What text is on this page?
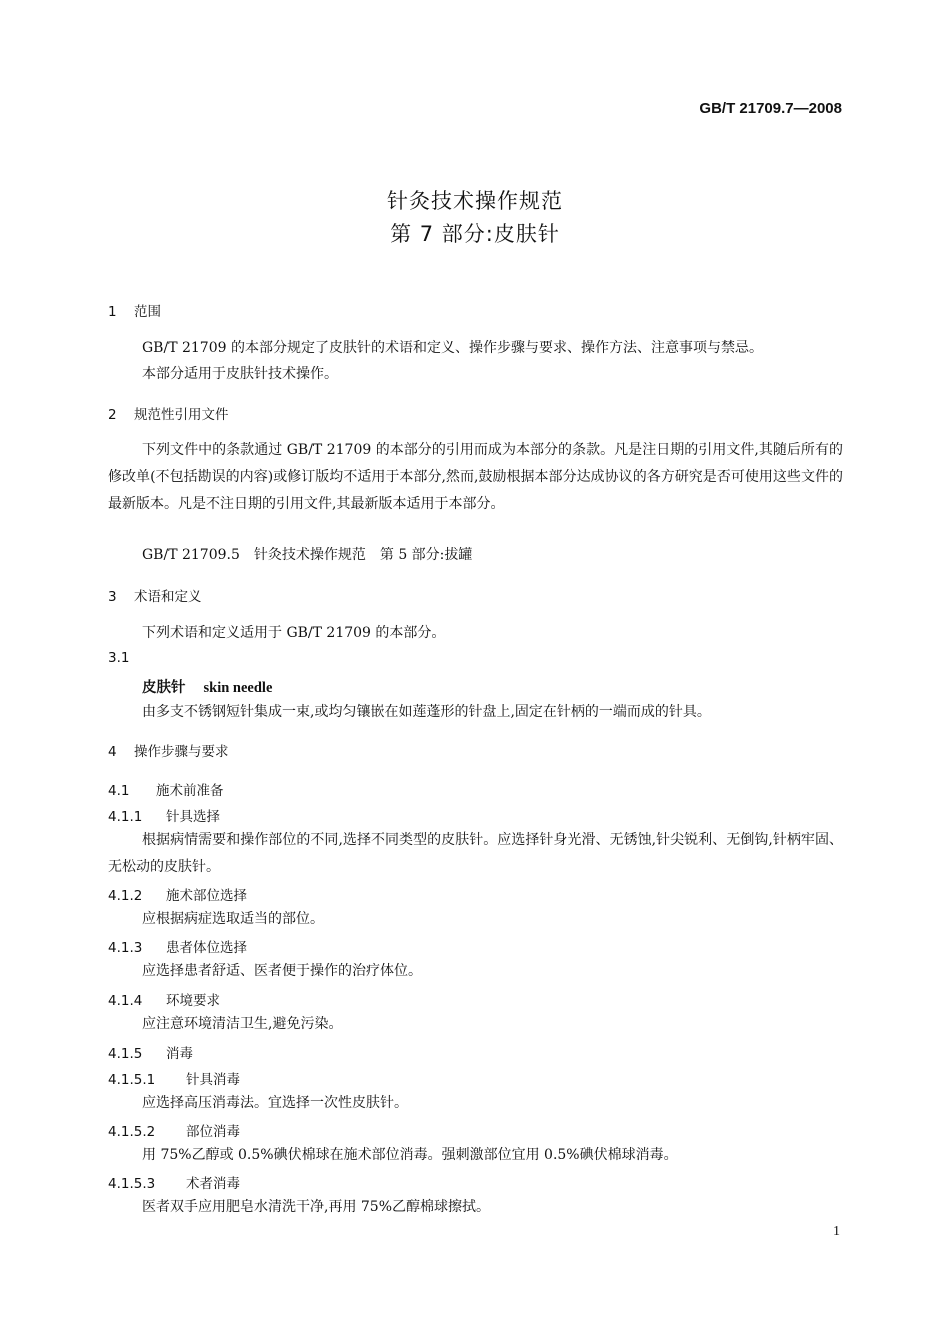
GB/T 21709.7—2008
针灸技术操作规范
第 7 部分:皮肤针
1 范围
GB/T 21709 的本部分规定了皮肤针的术语和定义、操作步骤与要求、操作方法、注意事项与禁忌。
本部分适用于皮肤针技术操作。
2 规范性引用文件
下列文件中的条款通过 GB/T 21709 的本部分的引用而成为本部分的条款。凡是注日期的引用文件,其随后所有的修改单(不包括勘误的内容)或修订版均不适用于本部分,然而,鼓励根据本部分达成协议的各方研究是否可使用这些文件的最新版本。凡是不注日期的引用文件,其最新版本适用于本部分。
GB/T 21709.5　针灸技术操作规范　第 5 部分:拔罐
3 术语和定义
下列术语和定义适用于 GB/T 21709 的本部分。
3.1
皮肤针 skin needle
由多支不锈钢短针集成一束,或均匀镶嵌在如莲蓬形的针盘上,固定在针柄的一端而成的针具。
4 操作步骤与要求
4.1 施术前准备
4.1.1 针具选择
根据病情需要和操作部位的不同,选择不同类型的皮肤针。应选择针身光滑、无锈蚀,针尖锐利、无倒钩,针柄牢固、无松动的皮肤针。
4.1.2 施术部位选择
应根据病症选取适当的部位。
4.1.3 患者体位选择
应选择患者舒适、医者便于操作的治疗体位。
4.1.4 环境要求
应注意环境清洁卫生,避免污染。
4.1.5 消毒
4.1.5.1 针具消毒
应选择高压消毒法。宜选择一次性皮肤针。
4.1.5.2 部位消毒
用 75%乙醇或 0.5%碘伏棉球在施术部位消毒。强刺激部位宜用 0.5%碘伏棉球消毒。
4.1.5.3 术者消毒
医者双手应用肥皂水清洗干净,再用 75%乙醇棉球擦拭。
1
